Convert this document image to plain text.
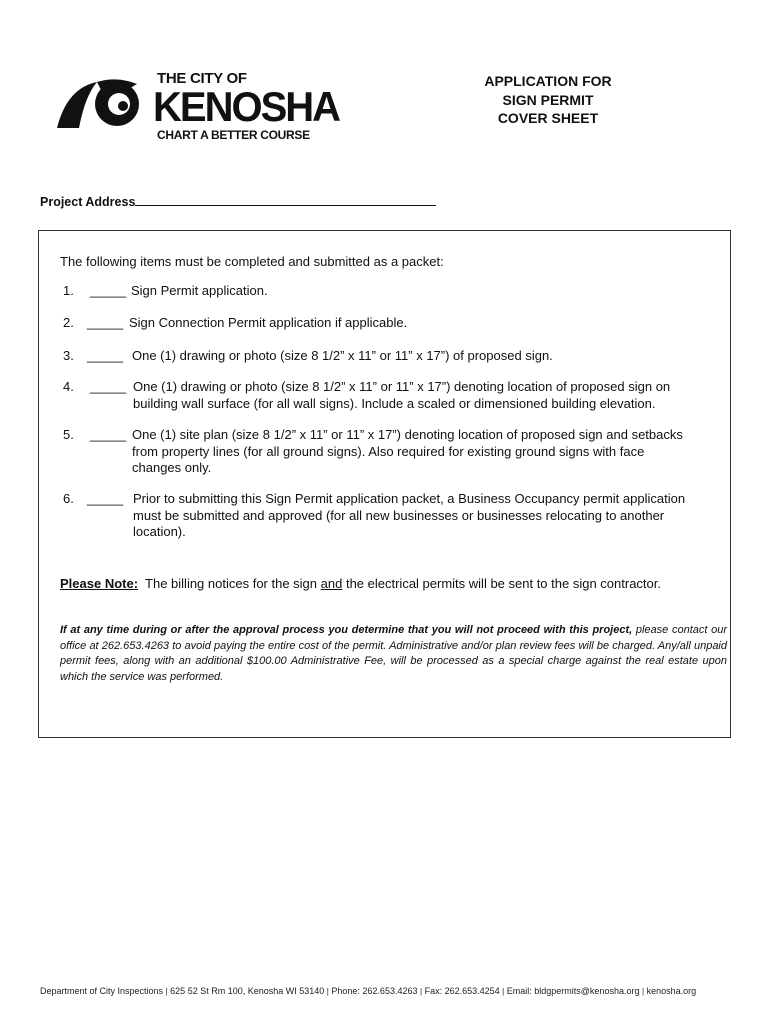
THE CITY OF
KENOSHA
CHART A BETTER COURSE
APPLICATION FOR
SIGN PERMIT
COVER SHEET
Project Address
The following items must be completed and submitted as a packet:
1. _____ Sign Permit application.
2. _____ Sign Connection Permit application if applicable.
3. _____ One (1) drawing or photo (size 8 1/2” x 11” or 11” x 17”) of proposed sign.
4. _____ One (1) drawing or photo (size 8 1/2” x 11” or 11” x 17”) denoting location of proposed sign on
building wall surface (for all wall signs). Include a scaled or dimensioned building elevation.
5. _____ One (1) site plan (size 8 1/2” x 11” or 11” x 17”) denoting location of proposed sign and setbacks
from property lines (for all ground signs). Also required for existing ground signs with face
changes only.
6. _____ Prior to submitting this Sign Permit application packet, a Business Occupancy permit application
must be submitted and approved (for all new businesses or businesses relocating to another
location).
Please Note:  The billing notices for the sign and the electrical permits will be sent to the sign contractor.
If at any time during or after the approval process you determine that you will not proceed with this project, please contact our office at 262.653.4263 to avoid paying the entire cost of the permit. Administrative and/or plan review fees will be charged. Any/all unpaid permit fees, along with an additional $100.00 Administrative Fee, will be processed as a special charge against the real estate upon which the service was performed.
Department of City Inspections | 625 52 St Rm 100, Kenosha WI 53140 | Phone: 262.653.4263 | Fax: 262.653.4254 | Email: bldgpermits@kenosha.org | kenosha.org
